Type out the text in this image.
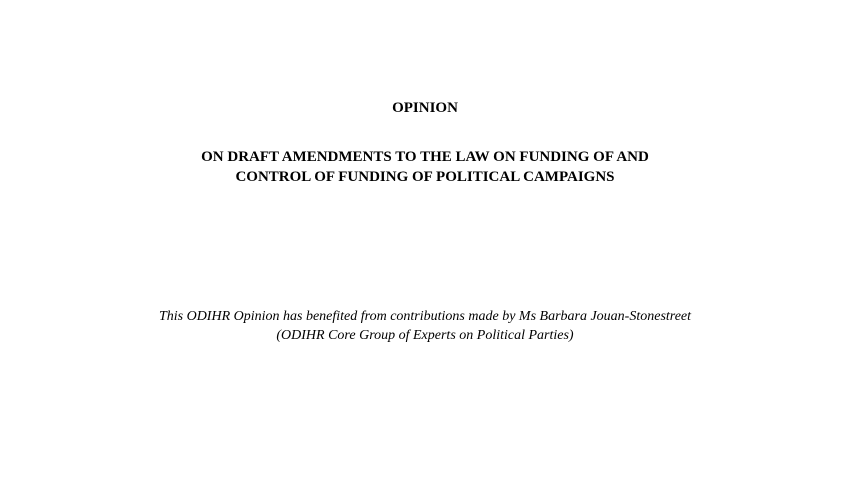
OPINION
ON DRAFT AMENDMENTS TO THE LAW ON FUNDING OF AND
CONTROL OF FUNDING OF POLITICAL CAMPAIGNS
This ODIHR Opinion has benefited from contributions made by Ms Barbara Jouan-Stonestreet
(ODIHR Core Group of Experts on Political Parties)
